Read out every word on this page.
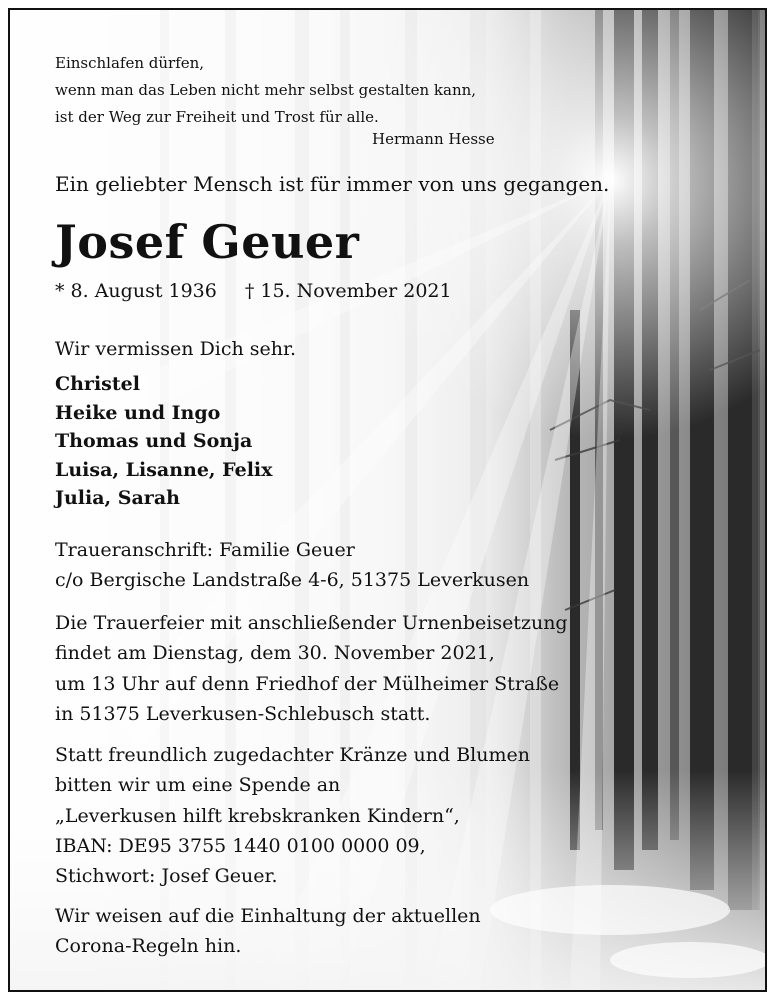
Einschlafen dürfen,
wenn man das Leben nicht mehr selbst gestalten kann,
ist der Weg zur Freiheit und Trost für alle.
Hermann Hesse
Ein geliebter Mensch ist für immer von uns gegangen.
Josef Geuer
* 8. August 1936 † 15. November 2021
Wir vermissen Dich sehr.
Christel
Heike und Ingo
Thomas und Sonja
Luisa, Lisanne, Felix
Julia, Sarah
Traueranschrift: Familie Geuer
c/o Bergische Landstraße 4-6, 51375 Leverkusen
Die Trauerfeier mit anschließender Urnenbeisetzung
findet am Dienstag, dem 30. November 2021,
um 13 Uhr auf denn Friedhof der Mülheimer Straße
in 51375 Leverkusen-Schlebusch statt.
Statt freundlich zugedachter Kränze und Blumen
bitten wir um eine Spende an
„Leverkusen hilft krebskranken Kindern“,
IBAN: DE95 3755 1440 0100 0000 09,
Stichwort: Josef Geuer.
Wir weisen auf die Einhaltung der aktuellen
Corona-Regeln hin.
